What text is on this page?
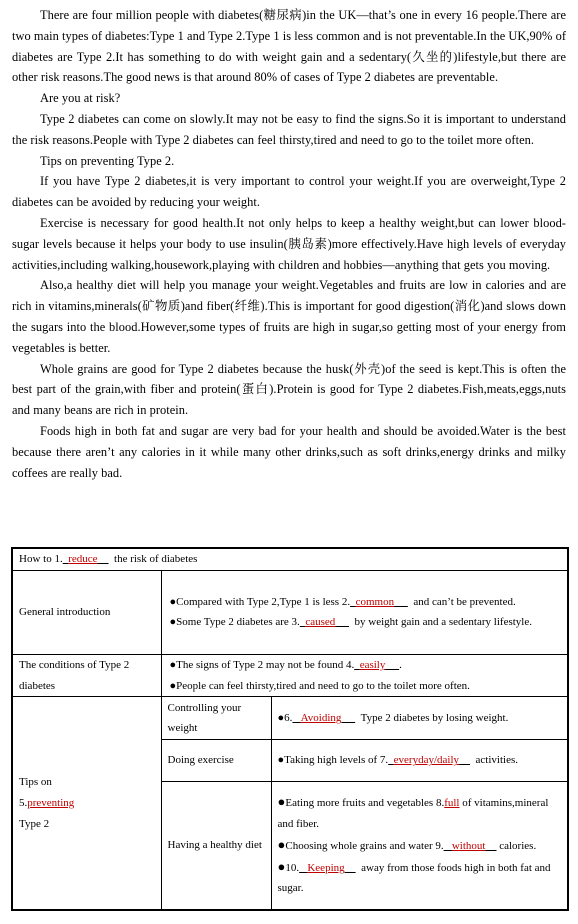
There are four million people with diabetes(糖尿病)in the UK—that’s one in every 16 people.There are two main types of diabetes:Type 1 and Type 2.Type 1 is less common and is not preventable.In the UK,90% of diabetes are Type 2.It has something to do with weight gain and a sedentary(久坐的)lifestyle,but there are other risk reasons.The good news is that around 80% of cases of Type 2 diabetes are preventable.

Are you at risk?

Type 2 diabetes can come on slowly.It may not be easy to find the signs.So it is important to understand the risk reasons.People with Type 2 diabetes can feel thirsty,tired and need to go to the toilet more often.

Tips on preventing Type 2.

If you have Type 2 diabetes,it is very important to control your weight.If you are overweight,Type 2 diabetes can be avoided by reducing your weight.

Exercise is necessary for good health.It not only helps to keep a healthy weight,but can lower blood-sugar levels because it helps your body to use insulin(胰岛素)more effectively.Have high levels of everyday activities,including walking,housework,playing with children and hobbies—anything that gets you moving.

Also,a healthy diet will help you manage your weight.Vegetables and fruits are low in calories and are rich in vitamins,minerals(矿物质)and fiber(纤维).This is important for good digestion(消化)and slows down the sugars into the blood.However,some types of fruits are high in sugar,so getting most of your energy from vegetables is better.

Whole grains are good for Type 2 diabetes because the husk(外壳)of the seed is kept.This is often the best part of the grain,with fiber and protein(蛋白).Protein is good for Type 2 diabetes.Fish,meats,eggs,nuts and many beans are rich in protein.

Foods high in both fat and sugar are very bad for your health and should be avoided.Water is the best because there aren’t any calories in it while many other drinks,such as soft drinks,energy drinks and milky coffees are really bad.

How to 1. reduce the risk of diabetes		
General introduction	●Compared with Type 2,Type 1 is less 2. common and can’t be prevented.
●Some Type 2 diabetes are 3. caused by weight gain and a sedentary lifestyle.	

The conditions of Type 2 diabetes	●The signs of Type 2 may not be found 4. easily .
●People can feel thirsty,tired and need to go to the toilet more often.	

Tips on
5.preventing
Type 2	Controlling your weight	●6. Avoiding Type 2 diabetes by losing weight.
	Doing exercise	●Taking high levels of 7. everyday/daily activities.
	Having a healthy diet	●Eating more fruits and vegetables 8.full of vitamins,mineral and fiber.
●Choosing whole grains and water 9. without calories.
●10. Keeping away from those foods high in both fat and sugar.
